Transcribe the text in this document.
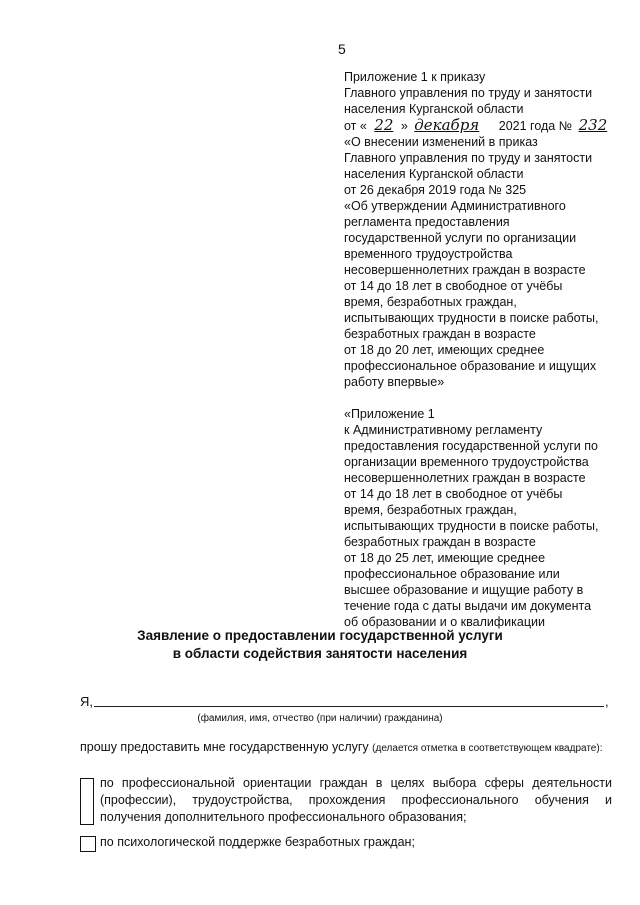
5
Приложение 1 к приказу
Главного управления по труду и занятости
населения Курганской области
от « 22 » декабря 2021 года № 232
«О внесении изменений в приказ
Главного управления по труду и занятости
населения Курганской области
от 26 декабря 2019 года № 325
«Об утверждении Административного
регламента предоставления
государственной услуги по организации
временного трудоустройства
несовершеннолетних граждан в возрасте
от 14 до 18 лет в свободное от учёбы
время, безработных граждан,
испытывающих трудности в поиске работы,
безработных граждан в возрасте
от 18 до 20 лет, имеющих среднее
профессиональное образование и ищущих
работу впервые»
«Приложение 1
к Административному регламенту
предоставления государственной услуги по
организации временного трудоустройства
несовершеннолетних граждан в возрасте
от 14 до 18 лет в свободное от учёбы
время, безработных граждан,
испытывающих трудности в поиске работы,
безработных граждан в возрасте
от 18 до 25 лет, имеющие среднее
профессиональное образование или
высшее образование и ищущие работу в
течение года с даты выдачи им документа
об образовании и о квалификации
Заявление о предоставлении государственной услуги
в области содействия занятости населения
Я,	,
(фамилия, имя, отчество (при наличии) гражданина)
прошу предоставить мне государственную услугу (делается отметка в соответствующем квадрате):
по профессиональной ориентации граждан в целях выбора сферы деятельности (профессии), трудоустройства, прохождения профессионального обучения и получения дополнительного профессионального образования;
по психологической поддержке безработных граждан;
